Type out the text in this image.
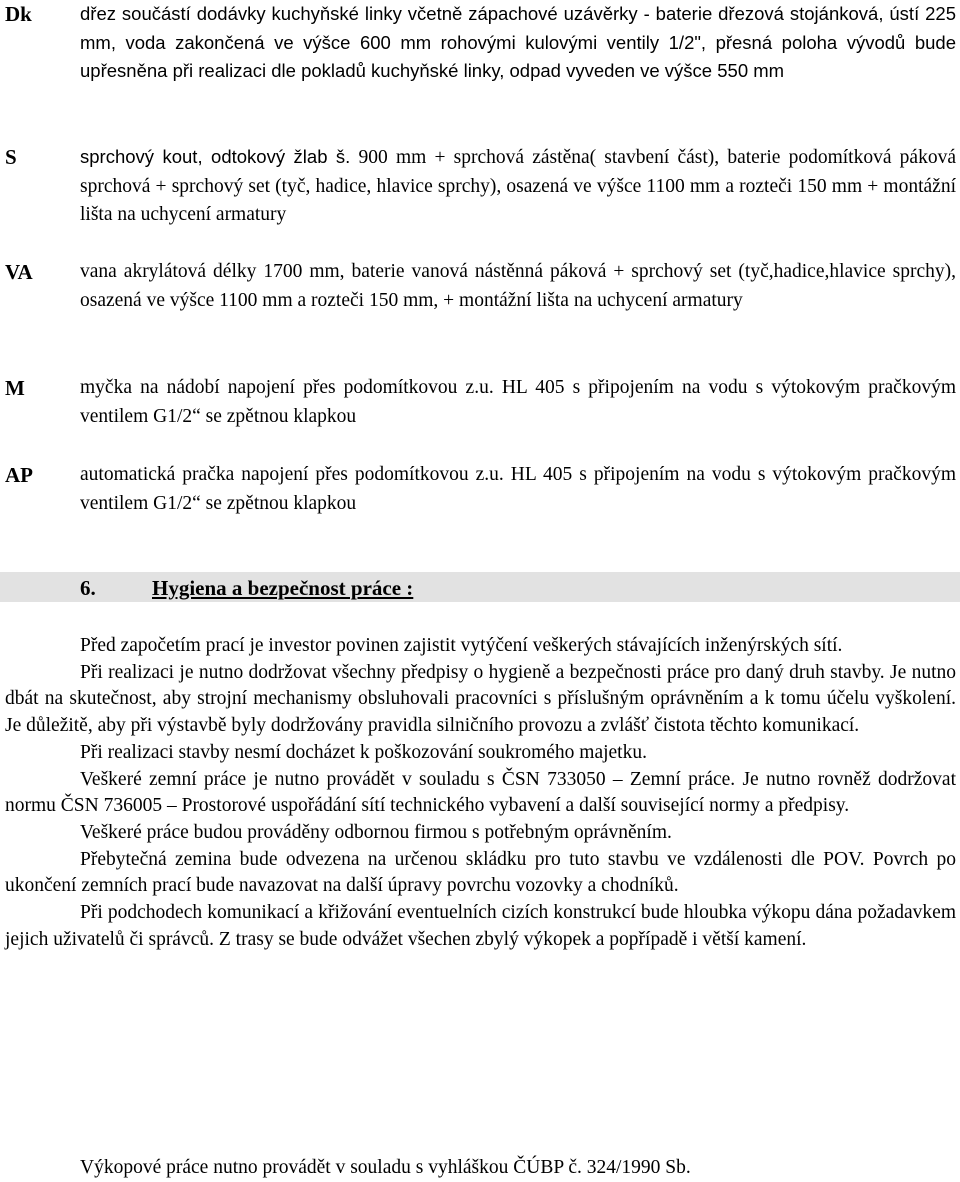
Dk	dřez součástí dodávky kuchyňské linky včetně zápachové uzávěrky - baterie dřezová stojánková, ústí 225 mm, voda zakončená ve výšce 600 mm rohovými kulovými ventily 1/2", přesná poloha vývodů bude upřesněna při realizaci dle pokladů kuchyňské linky, odpad vyveden ve výšce 550 mm
S	sprchový kout, odtokový žlab š. 900 mm + sprchová zástěna( stavbení část), baterie podomítková páková sprchová + sprchový set (tyč, hadice, hlavice sprchy), osazená ve výšce 1100 mm a rozteči 150 mm + montážní lišta na uchycení armatury
VA vana akrylátová délky 1700 mm, baterie vanová nástěnná páková + sprchový set (tyč,hadice,hlavice sprchy), osazená ve výšce 1100 mm a rozteči 150 mm, + montážní lišta na uchycení armatury
M	myčka na nádobí napojení přes podomítkovou z.u. HL 405 s připojením na vodu s výtokovým pračkovým ventilem G1/2“ se zpětnou klapkou
AP automatická pračka napojení přes podomítkovou z.u. HL 405 s připojením na vodu s výtokovým pračkovým ventilem G1/2“ se zpětnou klapkou
6.	Hygiena a bezpečnost práce :

Před započetím prací je investor povinen zajistit vytýčení veškerých stávajících inženýrských sítí.

Při realizaci je nutno dodržovat všechny předpisy o hygieně a bezpečnosti práce pro daný druh stavby. Je nutno dbát na skutečnost, aby strojní mechanismy obsluhovali pracovníci s příslušným oprávněním a k tomu účelu vyškolení. Je důležitě, aby při výstavbě byly dodržovány pravidla silničního provozu a zvlášť čistota těchto komunikací.

Při realizaci stavby nesmí docházet k poškozování soukromého majetku.

Veškeré zemní práce je nutno provádět v souladu s ČSN 733050 – Zemní práce. Je nutno rovněž dodržovat normu ČSN 736005 – Prostorové uspořádání sítí technického vybavení a další související normy a předpisy.

Veškeré práce budou prováděny odbornou firmou s potřebným oprávněním.

Přebytečná zemina bude odvezena na určenou skládku pro tuto stavbu ve vzdálenosti dle POV. Povrch po ukončení zemních prací bude navazovat na další úpravy povrchu vozovky a chodníků.

Při podchodech komunikací a křižování eventuelních cizích konstrukcí bude hloubka výkopu dána požadavkem jejich uživatelů či správců. Z trasy se bude odvážet všechen zbylý výkopek a popřípadě i větší kamení.

Výkopové práce nutno provádět v souladu s vyhláškou ČÚBP č. 324/1990 Sb.
